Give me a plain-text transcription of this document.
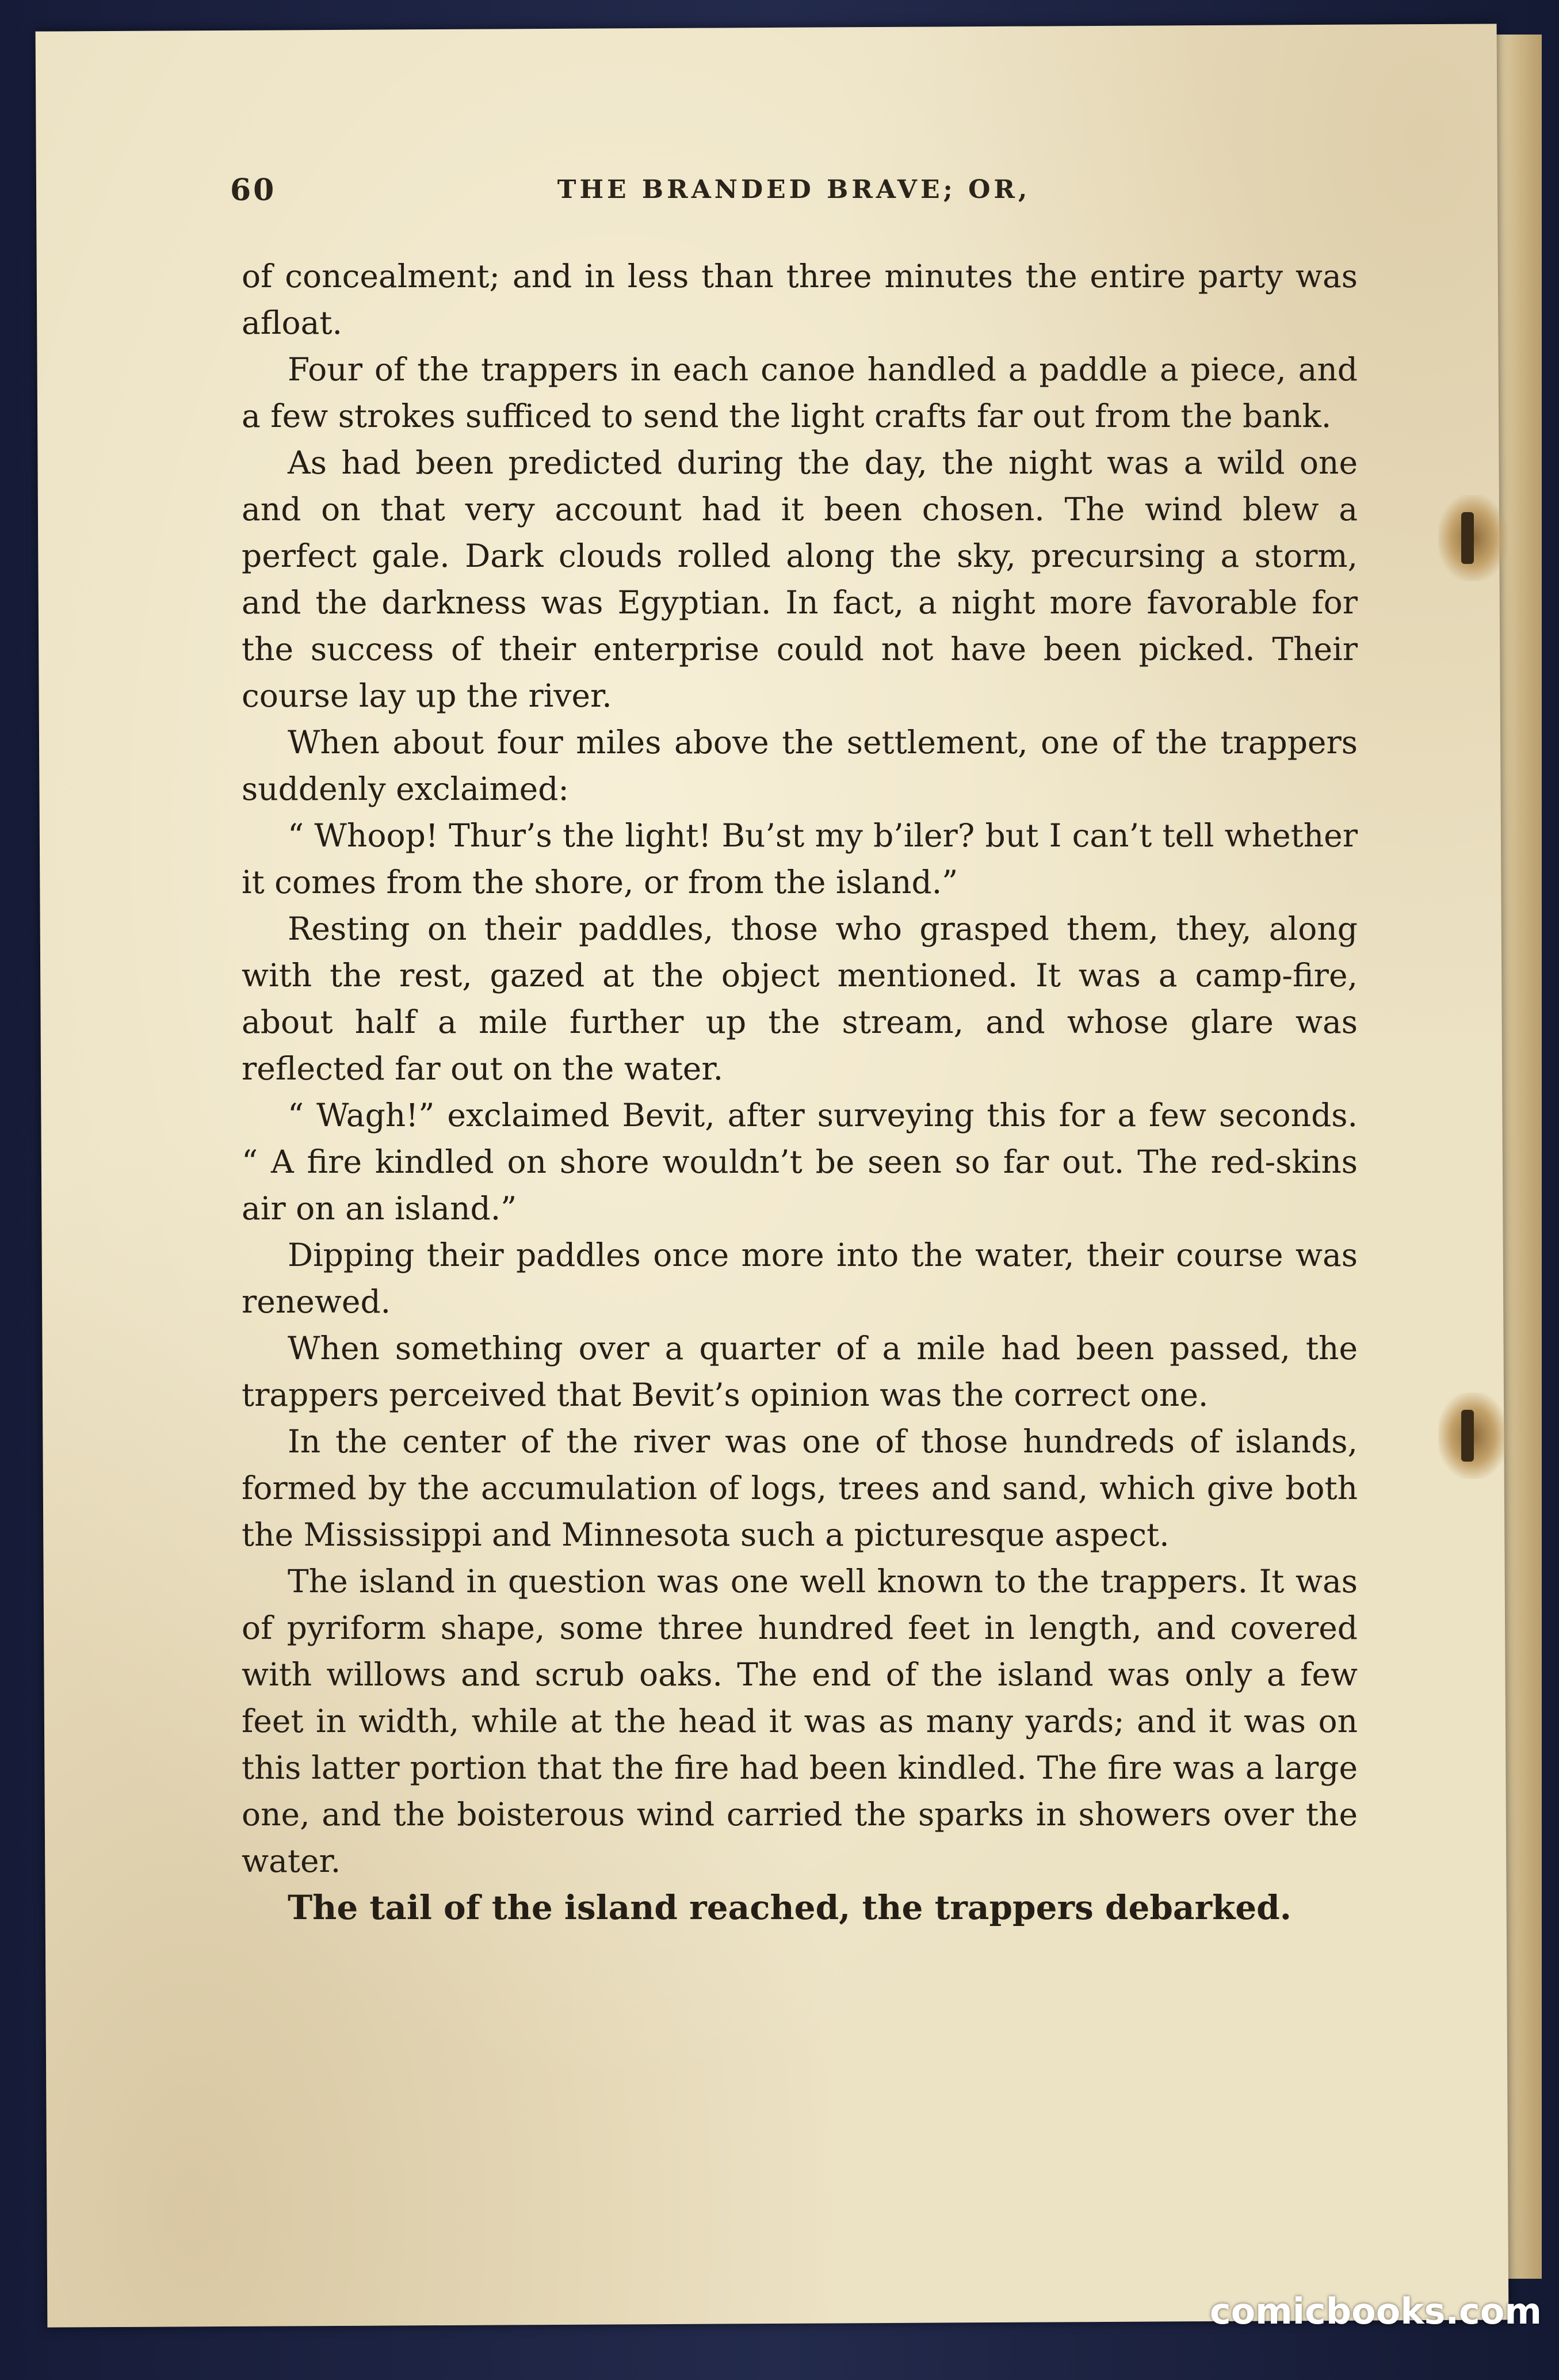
60	THE BRANDED BRAVE; OR,

of concealment; and in less than three minutes the entire party was afloat.

Four of the trappers in each canoe handled a paddle a piece, and a few strokes sufficed to send the light crafts far out from the bank.

As had been predicted during the day, the night was a wild one and on that very account had it been chosen. The wind blew a perfect gale. Dark clouds rolled along the sky, precursing a storm, and the darkness was Egyptian. In fact, a night more favorable for the success of their enterprise could not have been picked. Their course lay up the river.

When about four miles above the settlement, one of the trappers suddenly exclaimed:

“ Whoop! Thur’s the light! Bu’st my b’iler? but I can’t tell whether it comes from the shore, or from the island.”

Resting on their paddles, those who grasped them, they, along with the rest, gazed at the object mentioned. It was a camp-fire, about half a mile further up the stream, and whose glare was reflected far out on the water.

“ Wagh!” exclaimed Bevit, after surveying this for a few seconds. “ A fire kindled on shore wouldn’t be seen so far out. The red-skins air on an island.”

Dipping their paddles once more into the water, their course was renewed.

When something over a quarter of a mile had been passed, the trappers perceived that Bevit’s opinion was the correct one.

In the center of the river was one of those hundreds of islands, formed by the accumulation of logs, trees and sand, which give both the Mississippi and Minnesota such a picturesque aspect.

The island in question was one well known to the trappers. It was of pyriform shape, some three hundred feet in length, and covered with willows and scrub oaks. The end of the island was only a few feet in width, while at the head it was as many yards; and it was on this latter portion that the fire had been kindled. The fire was a large one, and the boisterous wind carried the sparks in showers over the water.

The tail of the island reached, the trappers debarked.

comicbooks.com
